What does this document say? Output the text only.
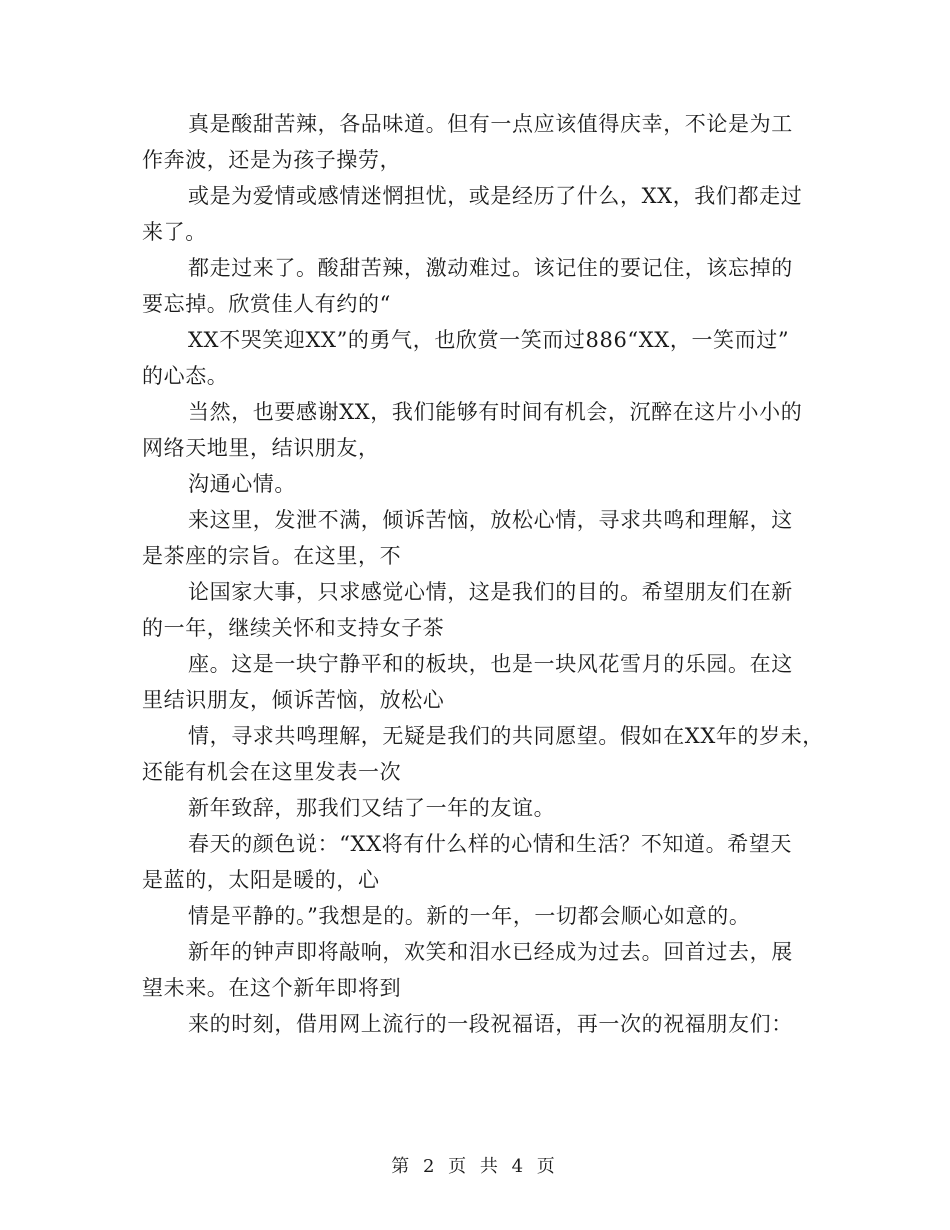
真是酸甜苦辣，各品味道。但有一点应该值得庆幸，不论是为工
作奔波，还是为孩子操劳，
或是为爱情或感情迷惘担忧，或是经历了什么，XX，我们都走过
来了。
都走过来了。酸甜苦辣，激动难过。该记住的要记住，该忘掉的
要忘掉。欣赏佳人有约的“
XX不哭笑迎XX”的勇气，也欣赏一笑而过886“XX，一笑而过”
的心态。
当然，也要感谢XX，我们能够有时间有机会，沉醉在这片小小的
网络天地里，结识朋友，
沟通心情。
来这里，发泄不满，倾诉苦恼，放松心情，寻求共鸣和理解，这
是茶座的宗旨。在这里，不
论国家大事，只求感觉心情，这是我们的目的。希望朋友们在新
的一年，继续关怀和支持女子茶
座。这是一块宁静平和的板块，也是一块风花雪月的乐园。在这
里结识朋友，倾诉苦恼，放松心
情，寻求共鸣理解，无疑是我们的共同愿望。假如在XX年的岁未，
还能有机会在这里发表一次
新年致辞，那我们又结了一年的友谊。
春天的颜色说：“XX将有什么样的心情和生活？不知道。希望天
是蓝的，太阳是暖的，心
情是平静的。”我想是的。新的一年，一切都会顺心如意的。
新年的钟声即将敲响，欢笑和泪水已经成为过去。回首过去，展
望未来。在这个新年即将到
来的时刻，借用网上流行的一段祝福语，再一次的祝福朋友们：
第 2 页 共 4 页
